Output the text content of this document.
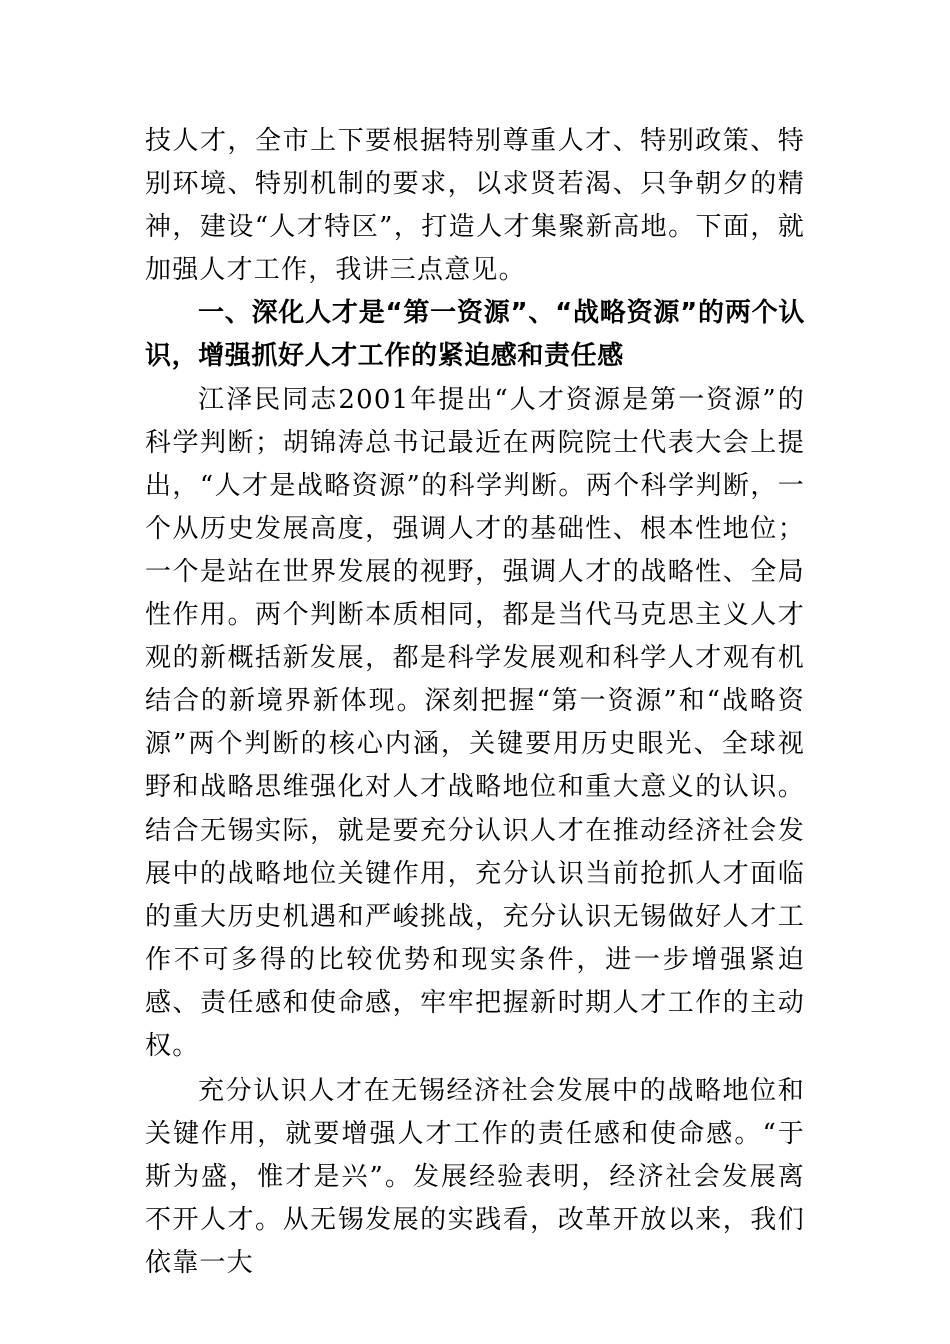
技人才，全市上下要根据特别尊重人才、特别政策、特别环境、特别机制的要求，以求贤若渴、只争朝夕的精神，建设“人才特区”，打造人才集聚新高地。下面，就加强人才工作，我讲三点意见。

一、深化人才是“第一资源”、“战略资源”的两个认识，增强抓好人才工作的紧迫感和责任感

江泽民同志2001年提出“人才资源是第一资源”的科学判断；胡锦涛总书记最近在两院院士代表大会上提出，“人才是战略资源”的科学判断。两个科学判断，一个从历史发展高度，强调人才的基础性、根本性地位；一个是站在世界发展的视野，强调人才的战略性、全局性作用。两个判断本质相同，都是当代马克思主义人才观的新概括新发展，都是科学发展观和科学人才观有机结合的新境界新体现。深刻把握“第一资源”和“战略资源”两个判断的核心内涵，关键要用历史眼光、全球视野和战略思维强化对人才战略地位和重大意义的认识。结合无锡实际，就是要充分认识人才在推动经济社会发展中的战略地位关键作用，充分认识当前抢抓人才面临的重大历史机遇和严峻挑战，充分认识无锡做好人才工作不可多得的比较优势和现实条件，进一步增强紧迫感、责任感和使命感，牢牢把握新时期人才工作的主动权。

充分认识人才在无锡经济社会发展中的战略地位和关键作用，就要增强人才工作的责任感和使命感。“于斯为盛，惟才是兴”。发展经验表明，经济社会发展离不开人才。从无锡发展的实践看，改革开放以来，我们依靠一大
